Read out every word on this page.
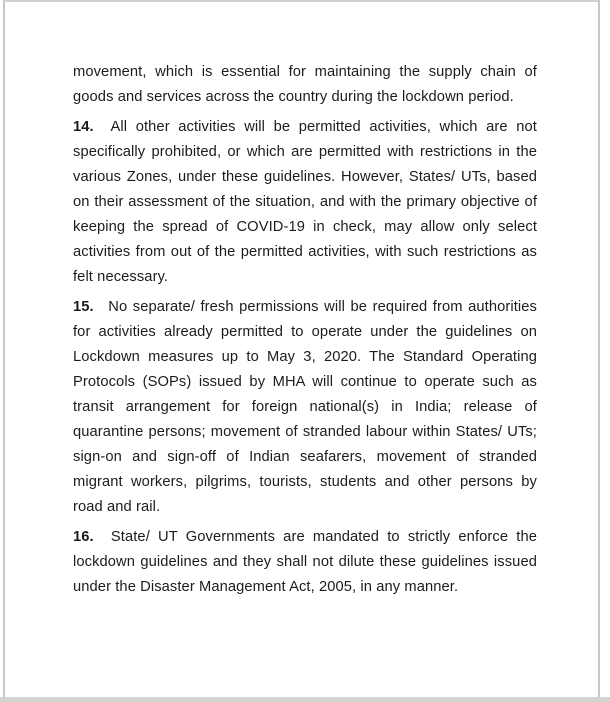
movement, which is essential for maintaining the supply chain of goods and services across the country during the lockdown period.

14. All other activities will be permitted activities, which are not specifically prohibited, or which are permitted with restrictions in the various Zones, under these guidelines. However, States/ UTs, based on their assessment of the situation, and with the primary objective of keeping the spread of COVID-19 in check, may allow only select activities from out of the permitted activities, with such restrictions as felt necessary.

15. No separate/ fresh permissions will be required from authorities for activities already permitted to operate under the guidelines on Lockdown measures up to May 3, 2020. The Standard Operating Protocols (SOPs) issued by MHA will continue to operate such as transit arrangement for foreign national(s) in India; release of quarantine persons; movement of stranded labour within States/ UTs; sign-on and sign-off of Indian seafarers, movement of stranded migrant workers, pilgrims, tourists, students and other persons by road and rail.

16. State/ UT Governments are mandated to strictly enforce the lockdown guidelines and they shall not dilute these guidelines issued under the Disaster Management Act, 2005, in any manner.
